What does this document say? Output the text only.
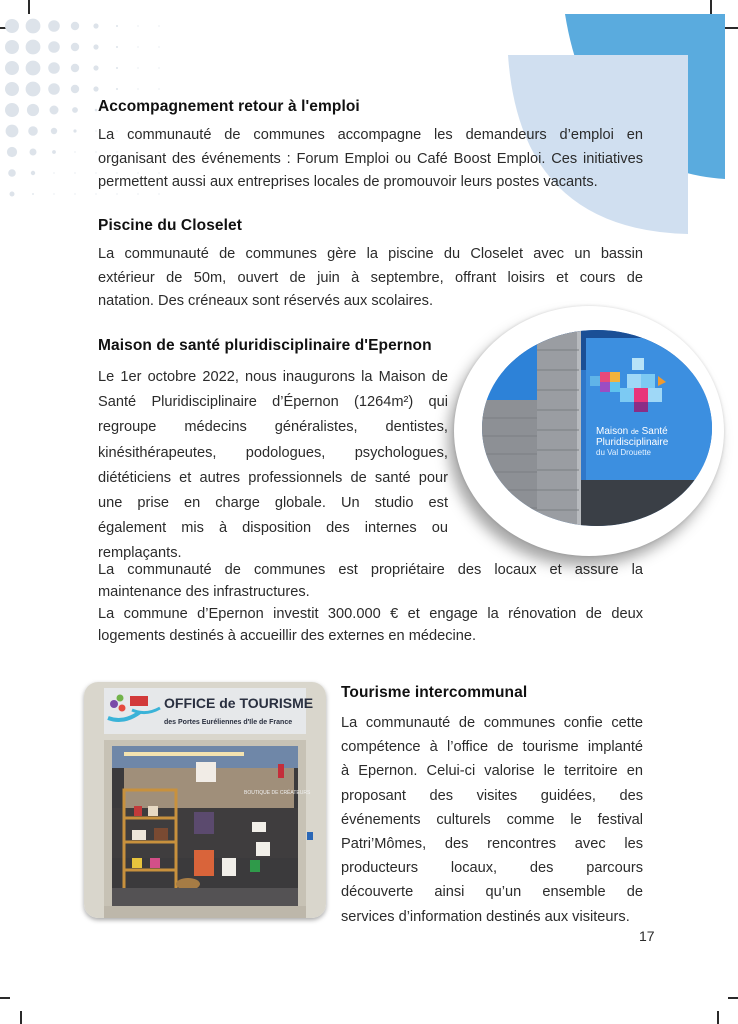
Accompagnement retour à l'emploi
La communauté de communes accompagne les demandeurs d’emploi en
organisant des événements : Forum Emploi ou Café Boost Emploi. Ces initiatives
permettent aussi aux entreprises locales de promouvoir leurs postes vacants.
Piscine du Closelet
La communauté de communes gère la piscine du Closelet avec un bassin
extérieur de 50m, ouvert de juin à septembre, offrant loisirs et cours de
natation. Des créneaux sont réservés aux scolaires.
Maison de santé pluridisciplinaire d'Epernon
Le 1er octobre 2022, nous inaugurons la Maison de
Santé Pluridisciplinaire d’Épernon (1264m²) qui
regroupe médecins généralistes, dentistes,
kinésithérapeutes, podologues, psychologues,
diététiciens et autres professionnels de santé pour
une prise en charge globale. Un studio est
également mis à disposition des internes ou
remplaçants.
La communauté de communes est propriétaire des locaux et assure la
maintenance des infrastructures.
La commune d’Epernon investit 300.000 € et engage la rénovation de deux
logements destinés à accueillir des externes en médecine.
Maison de Santé
Pluridisciplinaire
du Val Drouette
OFFICE de TOURISME
des Portes Euréliennes d'Ile de France
BOUTIQUE DE CRÉATEURS
Tourisme intercommunal
La communauté de communes confie cette
compétence à l’office de tourisme implanté
à Epernon. Celui-ci valorise le territoire en
proposant des visites guidées, des
événements culturels comme le festival
Patri’Mômes, des rencontres avec les
producteurs locaux, des parcours
découverte ainsi qu’un ensemble de
services d’information destinés aux visiteurs.
17
